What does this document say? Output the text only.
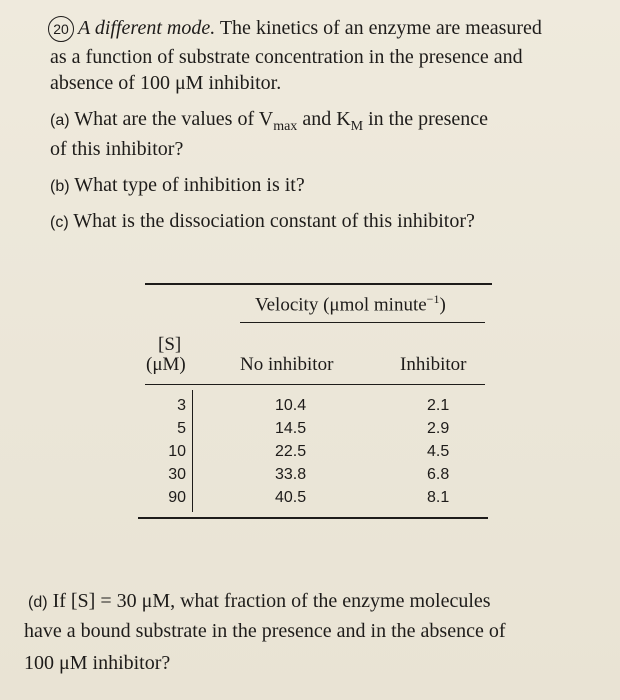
20 A different mode. The kinetics of an enzyme are measured
as a function of substrate concentration in the presence and
absence of 100 μM inhibitor.
(a) What are the values of $V_{max}$ and $K_M$ in the presence
of this inhibitor?
(b) What type of inhibition is it?
(c) What is the dissociation constant of this inhibitor?
Velocity (μmol minute$^{-1}$)
[S]
(μM)	No inhibitor	Inhibitor
3
5
10
30
90
10.4
14.5
22.5
33.8
40.5
2.1
2.9
4.5
6.8
8.1
(d) If [S] = 30 μM, what fraction of the enzyme molecules
have a bound substrate in the presence and in the absence of
100 μM inhibitor?
